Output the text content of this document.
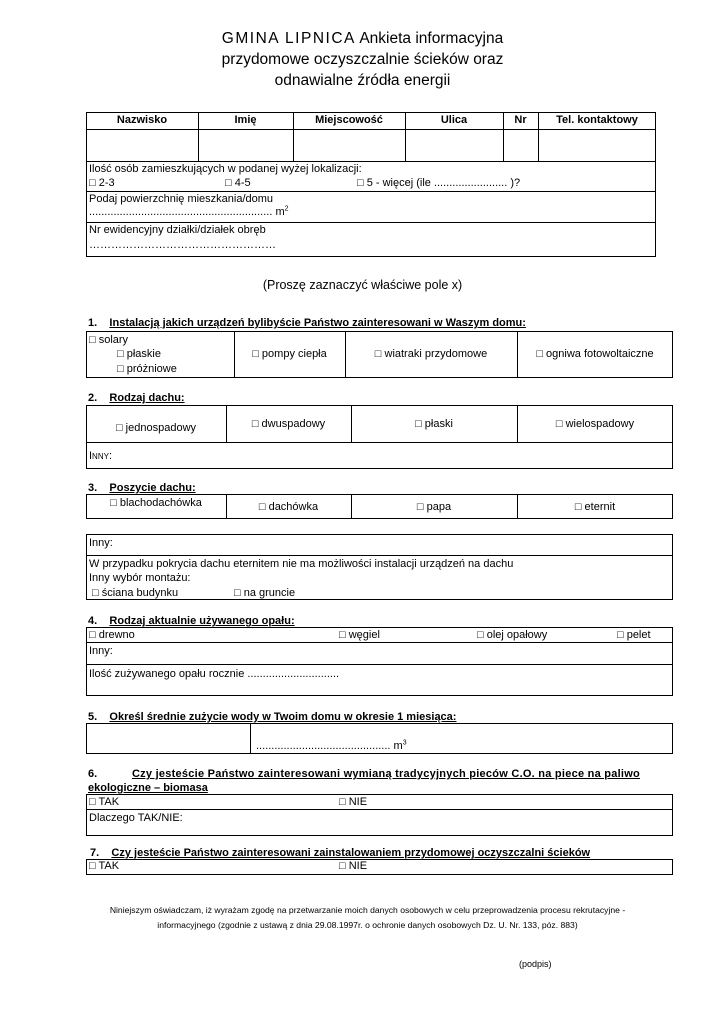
GMINA LIPNICA Ankieta informacyjna
przydomowe oczyszczalnie ścieków oraz
odnawialne źródła energii
Nazwisko	Imię	Miejscowość	Ulica	Nr	Tel. kontaktowy
Ilość osób zamieszkujących w podanej wyżej lokalizacji:
□ 2-3	□ 4-5	□ 5 - więcej (ile ........................ )?
Podaj powierzchnię mieszkania/domu
............................................................ $m^2$
Nr ewidencyjny działki/działek obręb
……………………………………………
(Proszę zaznaczyć właściwe pole x)
1. Instalacją jakich urządzeń bylibyście Państwo zainteresowani w Waszym domu:
□ solary
□ płaskie
□ próżniowe
□ pompy ciepła	□ wiatraki przydomowe	□ ogniwa fotowoltaiczne
2. Rodzaj dachu:
□ jednospadowy	□ dwuspadowy	□ płaski	□ wielospadowy
Inny:
3. Poszycie dachu:
□ blachodachówka	□ dachówka	□ papa	□ eternit
Inny:
W przypadku pokrycia dachu eternitem nie ma możliwości instalacji urządzeń na dachu
Inny wybór montażu:
□ ściana budynku	□ na gruncie
4. Rodzaj aktualnie używanego opału:
□ drewno	□ węgiel	□ olej opałowy	□ pelet
Inny:
Ilość zużywanego opału rocznie ..............................
5. Określ średnie zużycie wody w Twoim domu w okresie 1 miesiąca:
............................................ $m^3$
6.	Czy jesteście Państwo zainteresowani wymianą tradycyjnych pieców C.O. na piece na paliwo
ekologiczne – biomasa
□ TAK	□ NIE
Dlaczego TAK/NIE:
7. Czy jesteście Państwo zainteresowani zainstalowaniem przydomowej oczyszczalni ścieków
□ TAK	□ NIE
Niniejszym oświadczam, iż wyrażam zgodę na przetwarzanie moich danych osobowych w celu przeprowadzenia procesu rekrutacyjne -
informacyjnego (zgodnie z ustawą z dnia 29.08.1997r. o ochronie danych osobowych Dz. U. Nr. 133, póz. 883)
(podpis)
